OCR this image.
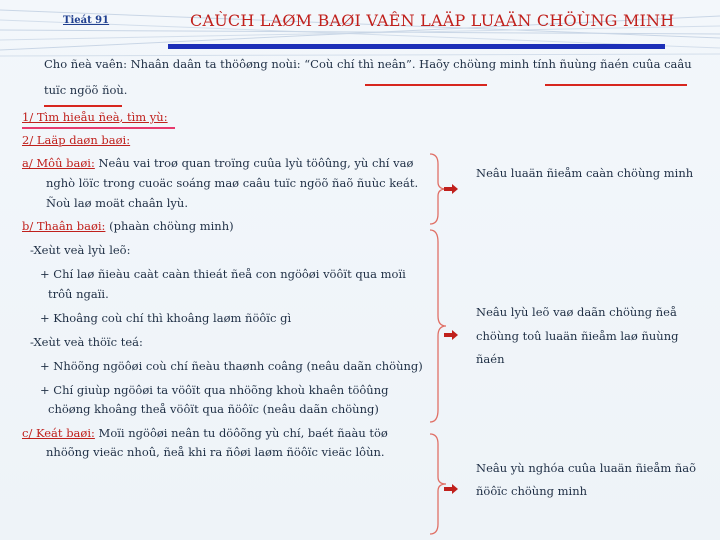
Tieát 91	CAÙCH LAØM BAØI VAÊN LAÄP LUAÄN CHÖÙNG MINH
Cho ñeà vaên: Nhaân daân ta thöôøng noùi: “Coù chí thì neân”. Haõy chöùng minh tính ñuùng ñaén cuûa caâu
tuïc ngöõ ñoù.
1/ Tìm hieåu ñeà, tìm yù:
2/ Laäp daøn baøi:
a/ Môû baøi: Neâu vai troø quan troïng cuûa lyù töôûng, yù chí vaø
nghò löïc trong cuoäc soáng maø caâu tuïc ngöõ ñaõ ñuùc keát.
Ñoù laø moät chaân lyù.
b/ Thaân baøi: (phaàn chöùng minh)
-Xeùt veà lyù leõ:
+ Chí laø ñieàu caàt caàn thieát ñeå con ngöôøi vöôït qua moïi
trôû ngaïi.
+ Khoâng coù chí thì khoâng laøm ñöôïc gì
-Xeùt veà thöïc teá:
+ Nhöõng ngöôøi coù chí ñeàu thaønh coâng (neâu daãn chöùng)
+ Chí giuùp ngöôøi ta vöôït qua nhöõng khoù khaên töôûng
chöøng khoâng theå vöôït qua ñöôïc (neâu daãn chöùng)
c/ Keát baøi: Moïi ngöôøi neân tu döôõng yù chí, baét ñaàu töø
nhöõng vieäc nhoû, ñeå khi ra ñôøi laøm ñöôïc vieäc lôùn.
Neâu luaän ñieåm caàn chöùng minh
Neâu lyù leõ vaø daãn chöùng ñeå
chöùng toû luaän ñieåm laø ñuùng
ñaén
Neâu yù nghóa cuûa luaän ñieåm ñaõ
ñöôïc chöùng minh
